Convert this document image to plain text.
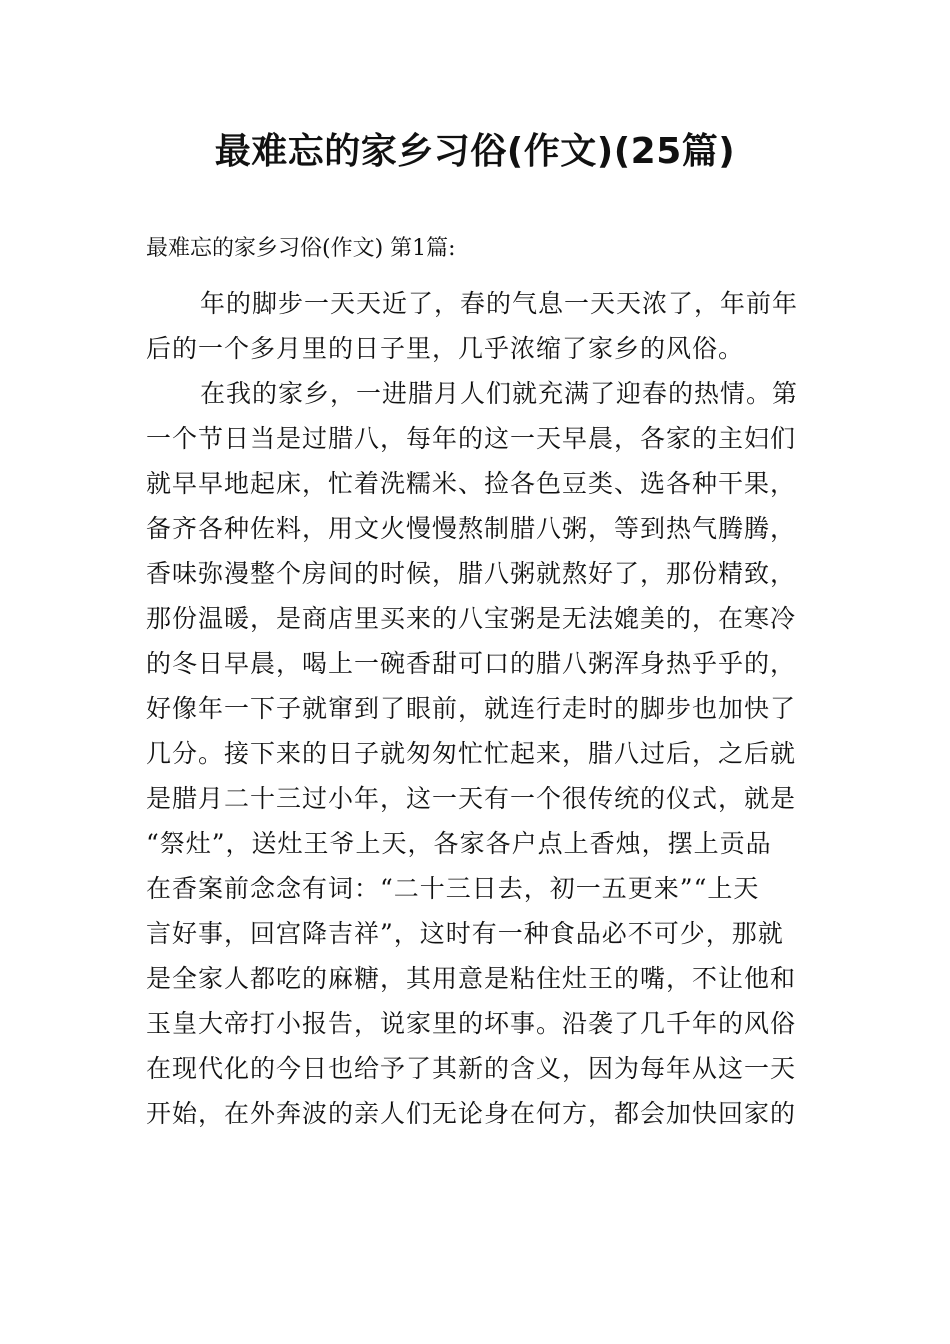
最难忘的家乡习俗(作文)(25篇)
最难忘的家乡习俗(作文) 第1篇:

年的脚步一天天近了，春的气息一天天浓了，年前年
后的一个多月里的日子里，几乎浓缩了家乡的风俗。

在我的家乡，一进腊月人们就充满了迎春的热情。第
一个节日当是过腊八，每年的这一天早晨，各家的主妇们
就早早地起床，忙着洗糯米、捡各色豆类、选各种干果，
备齐各种佐料，用文火慢慢熬制腊八粥，等到热气腾腾，
香味弥漫整个房间的时候，腊八粥就熬好了，那份精致，
那份温暖，是商店里买来的八宝粥是无法媲美的，在寒冷
的冬日早晨，喝上一碗香甜可口的腊八粥浑身热乎乎的，
好像年一下子就窜到了眼前，就连行走时的脚步也加快了
几分。接下来的日子就匆匆忙忙起来，腊八过后，之后就
是腊月二十三过小年，这一天有一个很传统的仪式，就是
“祭灶”，送灶王爷上天，各家各户点上香烛，摆上贡品
在香案前念念有词：“二十三日去，初一五更来”“上天
言好事，回宫降吉祥”，这时有一种食品必不可少，那就
是全家人都吃的麻糖，其用意是粘住灶王的嘴，不让他和
玉皇大帝打小报告，说家里的坏事。沿袭了几千年的风俗
在现代化的今日也给予了其新的含义，因为每年从这一天
开始，在外奔波的亲人们无论身在何方，都会加快回家的
